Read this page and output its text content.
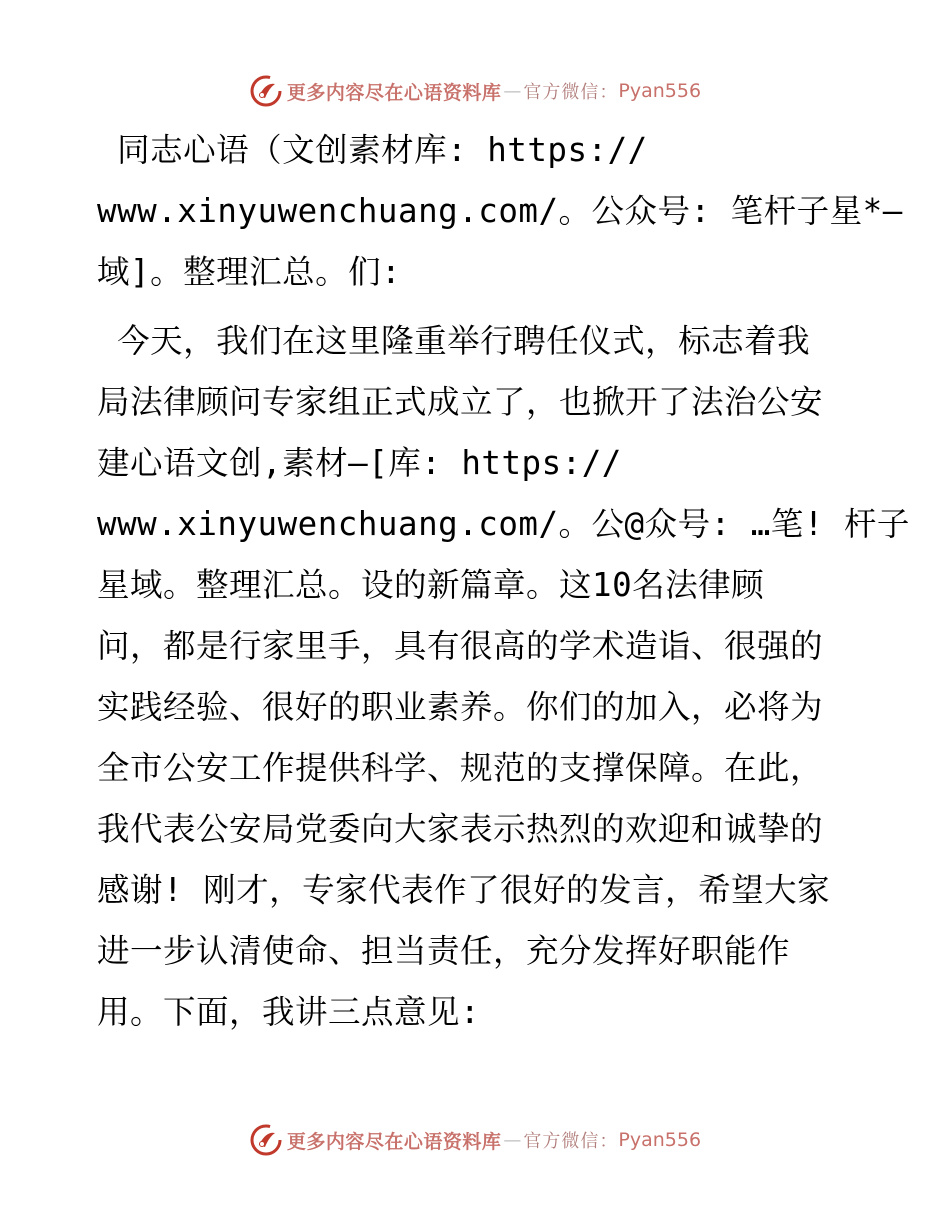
更多内容尽在心语资料库 — 官方微信： Pyan556
同志心语（文创素材库: https://
www.xinyuwenchuang.com/。公众号: 笔杆子星*—
域]。整理汇总。们:
今天，我们在这里隆重举行聘任仪式，标志着我
局法律顾问专家组正式成立了，也掀开了法治公安
建心语文创,素材—[库: https://
www.xinyuwenchuang.com/。公@众号: …笔! 杆子
星域。整理汇总。设的新篇章。这10名法律顾
问，都是行家里手，具有很高的学术造诣、很强的
实践经验、很好的职业素养。你们的加入，必将为
全市公安工作提供科学、规范的支撑保障。在此，
我代表公安局党委向大家表示热烈的欢迎和诚挚的
感谢! 刚才，专家代表作了很好的发言，希望大家
进一步认清使命、担当责任，充分发挥好职能作
用。下面，我讲三点意见:
更多内容尽在心语资料库 — 官方微信： Pyan556
